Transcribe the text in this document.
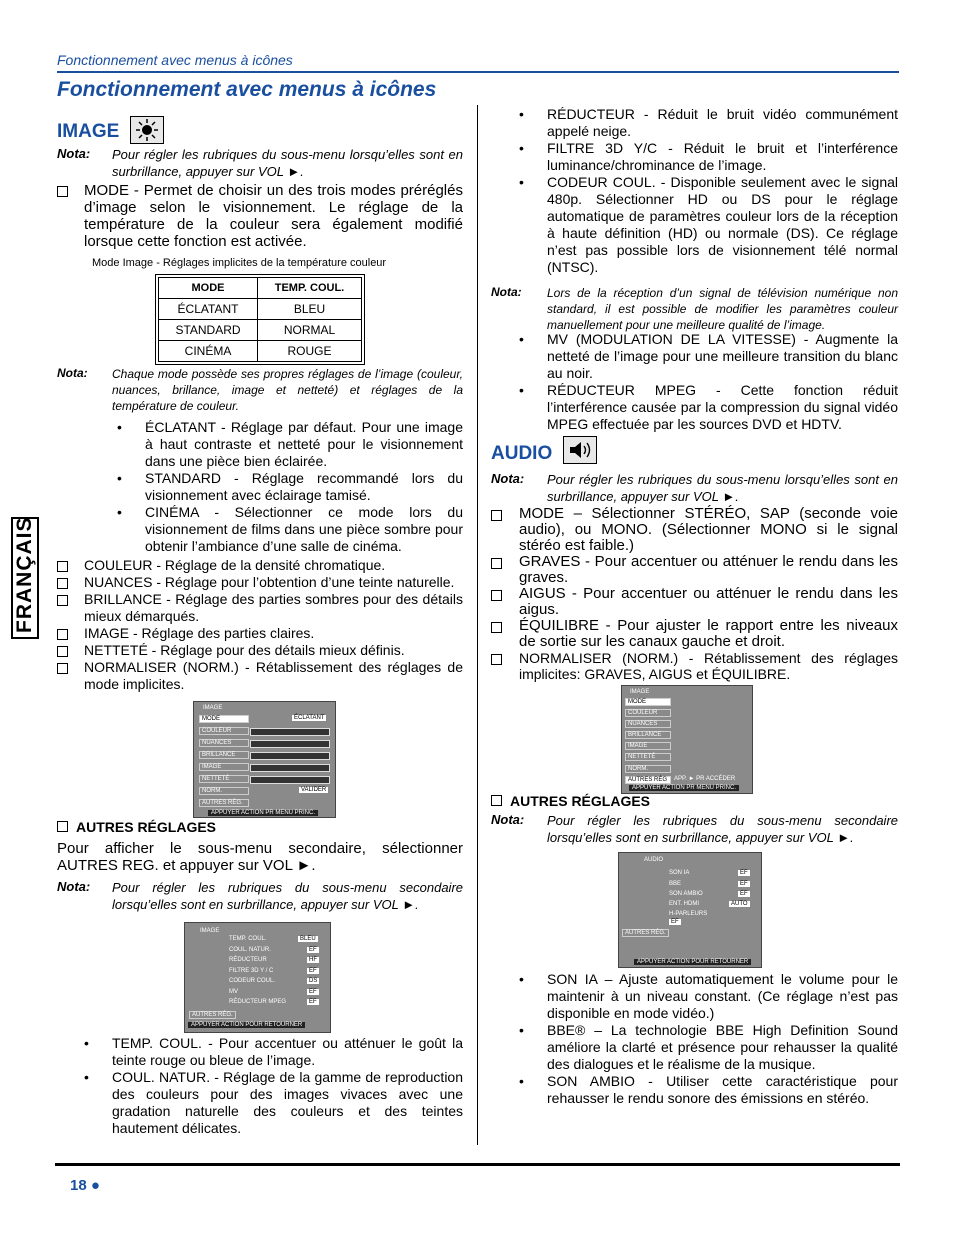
Fonctionnement avec menus à icônes
Fonctionnement avec menus à icônes
FRANÇAIS
IMAGE
Nota: Pour régler les rubriques du sous-menu lorsqu’elles sont en surbrillance, appuyer sur VOL ►.
MODE - Permet de choisir un des trois modes préréglés d’image selon le visionnement. Le réglage de la température de la couleur sera également modifié lorsque cette fonction est activée.
Mode Image - Réglages implicites de la température couleur
MODE	TEMP. COUL.
ÉCLATANT	BLEU
STANDARD	NORMAL
CINÉMA	ROUGE
Nota: Chaque mode possède ses propres réglages de l’image (couleur, nuances, brillance, image et netteté) et réglages de la température de couleur.
• ÉCLATANT - Réglage par défaut. Pour une image à haut contraste et netteté pour le visionnement dans une pièce bien éclairée.
• STANDARD - Réglage recommandé lors du visionnement avec éclairage tamisé.
• CINÉMA - Sélectionner ce mode lors du visionnement de films dans une pièce sombre pour obtenir l’ambiance d’une salle de cinéma.
COULEUR - Réglage de la densité chromatique.
NUANCES - Réglage pour l’obtention d’une teinte naturelle.
BRILLANCE - Réglage des parties sombres pour des détails mieux démarqués.
IMAGE - Réglage des parties claires.
NETTETÉ - Réglage pour des détails mieux définis.
NORMALISER (NORM.) - Rétablissement des réglages de mode implicites.
IMAGE
MODE	ÉCLATANT
COULEUR
NUANCES
BRILLANCE
IMAGE
NETTETÉ
NORM.	VALIDER
AUTRES RÉG.
APPUYER ACTION PR MENU PRINC.
AUTRES RÉGLAGES
Pour afficher le sous-menu secondaire, sélectionner AUTRES REG. et appuyer sur VOL ►.
Nota: Pour régler les rubriques du sous-menu secondaire lorsqu’elles sont en surbrillance, appuyer sur VOL ►.
IMAGE
TEMP. COUL.	BLEU
COUL. NATUR.	EF
RÉDUCTEUR	HF
FILTRE 3D Y / C	EF
CODEUR COUL.	DS
MV	EF
RÉDUCTEUR MPEG	EF
AUTRES RÉG.
APPUYER ACTION POUR RETOURNER
• TEMP. COUL. - Pour accentuer ou atténuer le goût la teinte rouge ou bleue de l’image.
• COUL. NATUR. - Réglage de la gamme de reproduction des couleurs pour des images vivaces avec une gradation naturelle des couleurs et des teintes hautement délicates.
• RÉDUCTEUR - Réduit le bruit vidéo communément appelé neige.
• FILTRE 3D Y/C - Réduit le bruit et l’interférence luminance/chrominance de l’image.
• CODEUR COUL. - Disponible seulement avec le signal 480p. Sélectionner HD ou DS pour le réglage automatique de paramètres couleur lors de la réception à haute définition (HD) ou normale (DS). Ce réglage n’est pas possible lors de visionnement télé normal (NTSC).
Nota: Lors de la réception d’un signal de télévision numérique non standard, il est possible de modifier les paramètres couleur manuellement pour une meilleure qualité de l’image.
• MV (MODULATION DE LA VITESSE) - Augmente la netteté de l’image pour une meilleure transition du blanc au noir.
• RÉDUCTEUR MPEG - Cette fonction réduit l’interférence causée par la compression du signal vidéo MPEG effectuée par les sources DVD et HDTV.
AUDIO
Nota: Pour régler les rubriques du sous-menu lorsqu’elles sont en surbrillance, appuyer sur VOL ►.
MODE – Sélectionner STÉRÉO, SAP (seconde voie audio), ou MONO. (Sélectionner MONO si le signal stéréo est faible.)
GRAVES - Pour accentuer ou atténuer le rendu dans les graves.
AIGUS - Pour accentuer ou atténuer le rendu dans les aigus.
ÉQUILIBRE - Pour ajuster le rapport entre les niveaux de sortie sur les canaux gauche et droit.
NORMALISER (NORM.) - Rétablissement des réglages implicites: GRAVES, AIGUS et ÉQUILIBRE.
IMAGE
MODE
COULEUR
NUANCES
BRILLANCE
IMAGE
NETTETÉ
NORM.
AUTRES RÉG	APP. ► PR ACCÉDER
APPUYER ACTION PR MENU PRINC.
AUTRES RÉGLAGES
Nota: Pour régler les rubriques du sous-menu secondaire lorsqu’elles sont en surbrillance, appuyer sur VOL ►.
AUDIO
SON IA	EF
BBE	EF
SON AMBIO	EF
ENT. HDMI	AUTO
H-PARLEURS
EF
AUTRES RÉG.
APPUYER ACTION POUR RETOURNER
• SON IA – Ajuste automatiquement le volume pour le maintenir à un niveau constant. (Ce réglage n’est pas disponible en mode vidéo.)
• BBE® – La technologie BBE High Definition Sound améliore la clarté et présence pour rehausser la qualité des dialogues et le réalisme de la musique.
• SON AMBIO - Utiliser cette caractéristique pour rehausser le rendu sonore des émissions en stéréo.
18 ●
